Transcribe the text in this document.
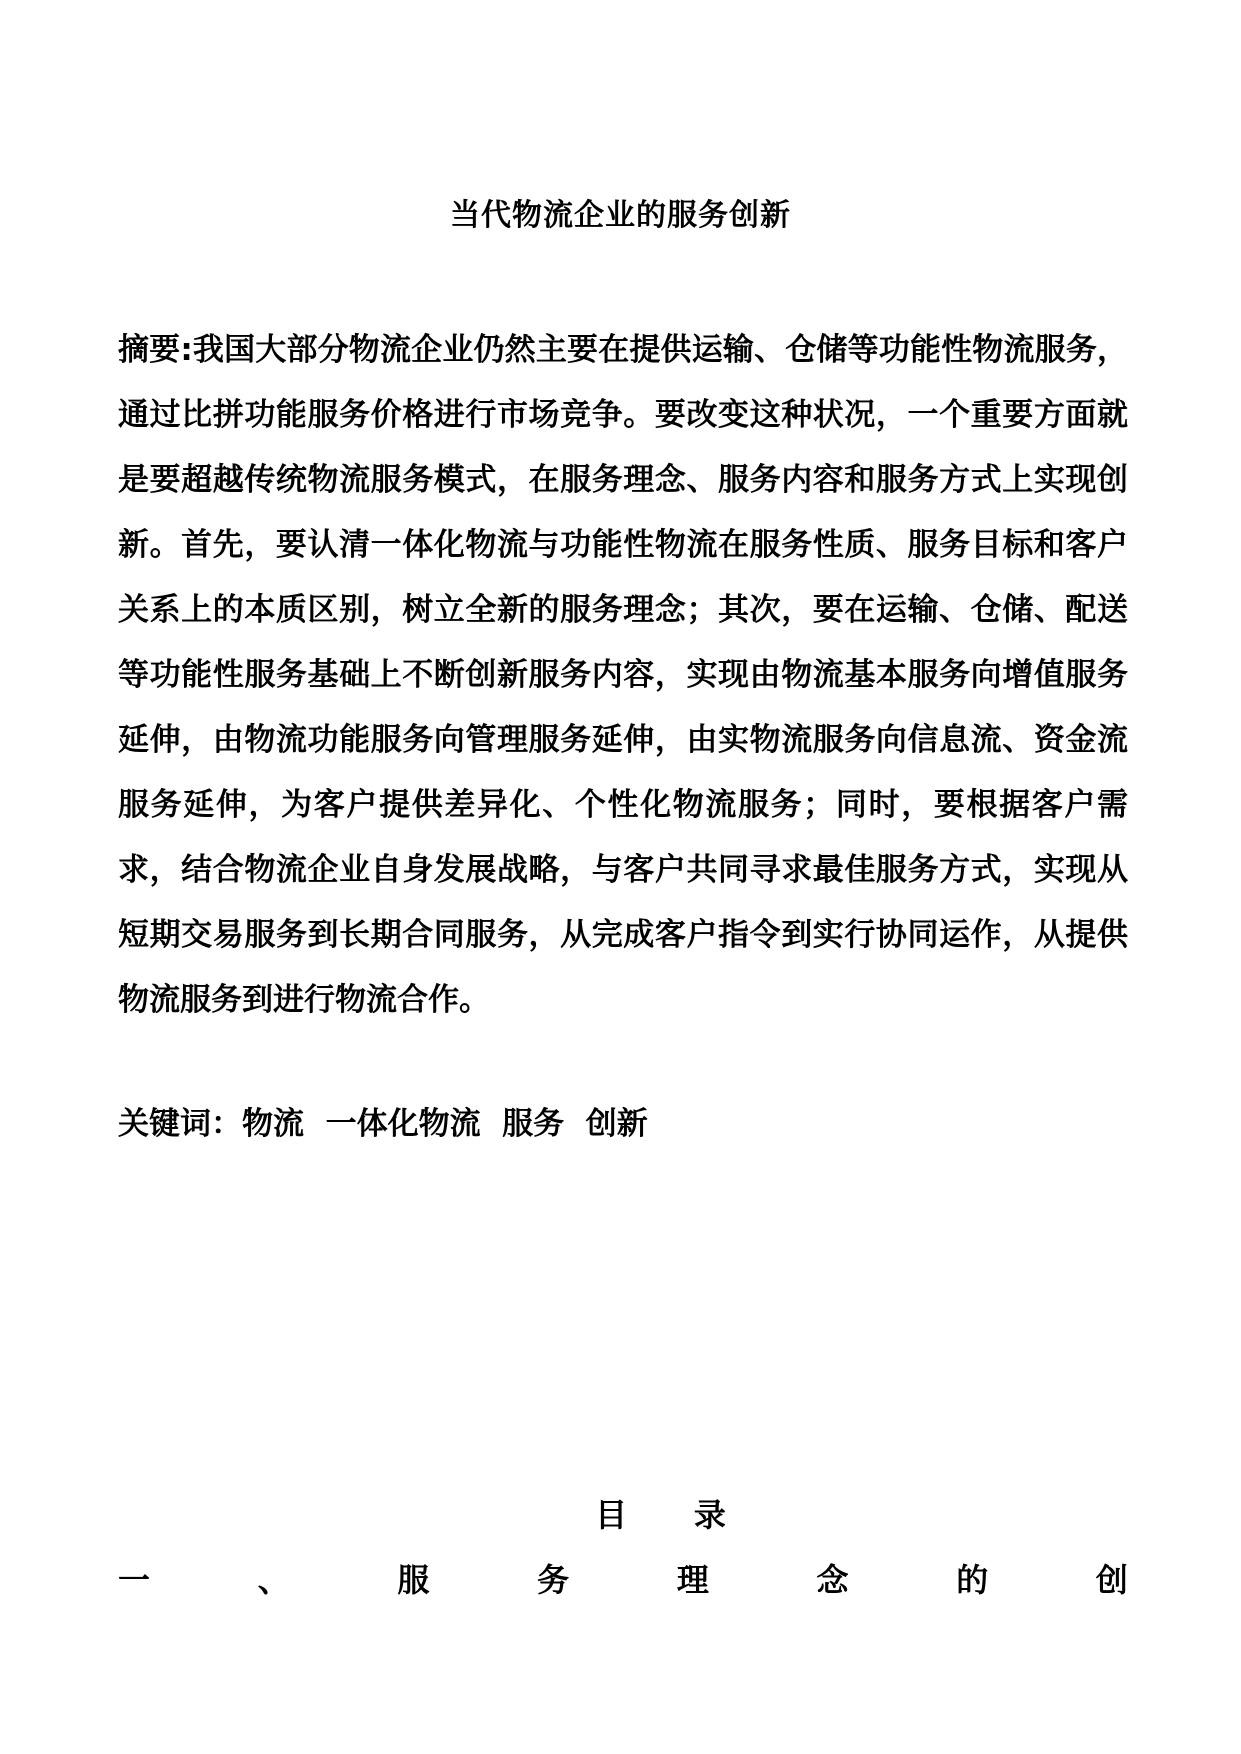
当代物流企业的服务创新

摘要:我国大部分物流企业仍然主要在提供运输、仓储等功能性物流服务，通过比拼功能服务价格进行市场竞争。要改变这种状况，一个重要方面就是要超越传统物流服务模式，在服务理念、服务内容和服务方式上实现创新。首先，要认清一体化物流与功能性物流在服务性质、服务目标和客户关系上的本质区别，树立全新的服务理念；其次，要在运输、仓储、配送等功能性服务基础上不断创新服务内容，实现由物流基本服务向增值服务延伸，由物流功能服务向管理服务延伸，由实物流服务向信息流、资金流服务延伸，为客户提供差异化、个性化物流服务；同时，要根据客户需求，结合物流企业自身发展战略，与客户共同寻求最佳服务方式，实现从短期交易服务到长期合同服务，从完成客户指令到实行协同运作，从提供物流服务到进行物流合作。

关键词：物流  一体化物流  服务  创新
目      录
一	、	服	务	理	念	的	创
